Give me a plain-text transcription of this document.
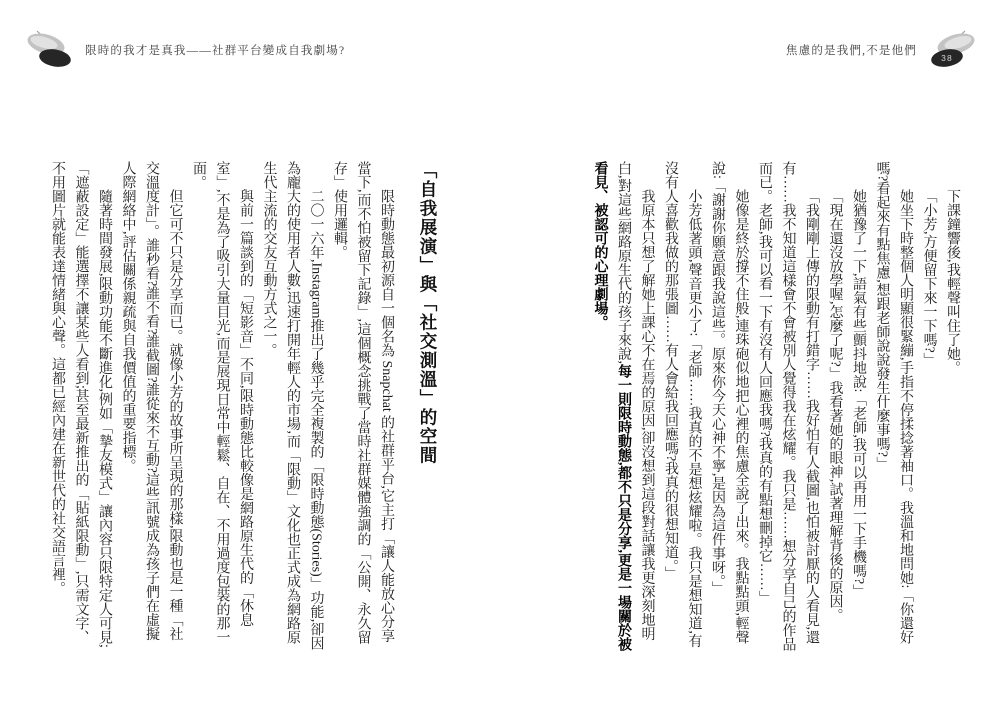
限時的我才是真我——社群平台變成自我劇場?	焦慮的是我們,不是他們
38

下課鐘響後,我輕聲叫住了她。

「小芳,方便留下來一下嗎?」

她坐下時整個人明顯很緊繃,手指不停揉捻著袖口。我溫和地問她:「你還好嗎?看起來有點焦慮,想跟老師說說發生什麼事嗎?」

她猶豫了一下,語氣有些顫抖地說:「老師,我可以再用一下手機嗎?」

「現在還沒放學喔,怎麼了呢?」我看著她的眼神,試著理解背後的原因。

「我剛剛上傳的限動有打錯字……我好怕有人截圖,也怕被討厭的人看見,還有……我不知道這樣會不會被別人覺得我在炫耀。我只是……想分享自己的作品而已。老師,我可以看一下有沒有人回應我嗎?我真的有點想刪掉它……」

她像是終於撐不住般,連珠砲似地把心裡的焦慮全說了出來。我點點頭,輕聲說:「謝謝你願意跟我說這些。原來你今天心神不寧,是因為這件事呀。」

小芳低著頭,聲音更小了:「老師……我真的不是想炫耀啦。我只是想知道,有沒有人喜歡我做的那張圖……有人會給我回應嗎?我真的很想知道。」

我原本只想了解她上課心不在焉的原因,卻沒想到這段對話讓我更深刻地明白,對這些網路原生代的孩子來說,每一則限時動態,都不只是分享,更是一場關於被看見、被認可的心理劇場。

「自我展演」與「社交測溫」的空間

限時動態最初源自一個名為 Snapchat 的社群平台,它主打「讓人能放心分享當下,而不怕被留下記錄」,這個概念挑戰了當時社群媒體強調的「公開、永久留存」使用邏輯。

二〇一六年,Instagram推出了幾乎完全複製的「限時動態(Stories)」功能,卻因為龐大的使用者人數,迅速打開年輕人的市場,而「限動」文化也正式成為網路原生代主流的交友互動方式之一。

與前一篇談到的「短影音」不同,限時動態比較像是網路原生代的「休息室」,不是為了吸引大量目光,而是展現日常中輕鬆、自在、不用過度包裝的那一面。

但它可不只是分享而已。就像小芳的故事所呈現的那樣,限動也是一種「社交溫度計」。誰秒看?誰不看?誰截圖?誰從來不互動?這些訊號成為孩子們在虛擬人際網絡中,評估關係親疏與自我價值的重要指標。

隨著時間發展,限動功能不斷進化,例如「摯友模式」讓內容只限特定人可見;「遮蔽設定」能選擇不讓某些人看到;甚至最新推出的「貼紙限動」,只需文字、不用圖片就能表達情緒與心聲。這都已經內建在新世代的社交語言裡。
